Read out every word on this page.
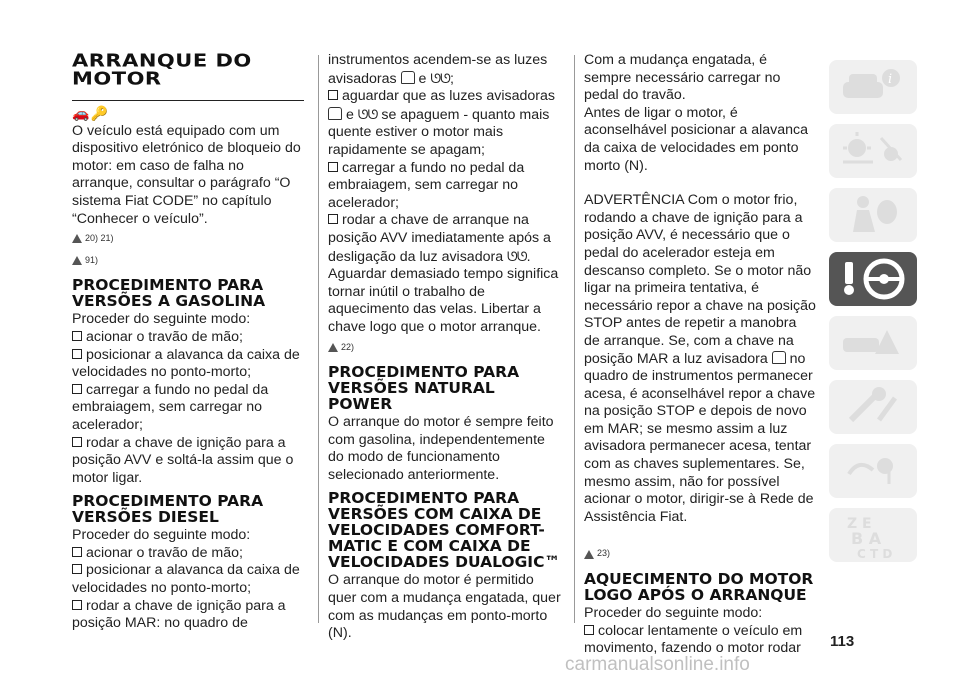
ARRANQUE DO MOTOR
🚗🔑

O veículo está equipado com um dispositivo eletrónico de bloqueio do motor: em caso de falha no arranque, consultar o parágrafo “O sistema Fiat CODE” no capítulo “Conhecer o veículo”.

20) 21)

91)
PROCEDIMENTO PARA VERSÕES A GASOLINA

Proceder do seguinte modo:

acionar o travão de mão;
posicionar a alavanca da caixa de velocidades no ponto-morto;
carregar a fundo no pedal da embraiagem, sem carregar no acelerador;
rodar a chave de ignição para a posição AVV e soltá-la assim que o motor ligar.
PROCEDIMENTO PARA VERSÕES DIESEL

Proceder do seguinte modo:

acionar o travão de mão;
posicionar a alavanca da caixa de velocidades no ponto-morto;
rodar a chave de ignição para a posição MAR: no quadro de

instrumentos acendem-se as luzes avisadoras e ᘎᘎ;

aguardar que as luzes avisadoras
e ᘎᘎ se apaguem - quanto mais quente estiver o motor mais rapidamente se apagam;
carregar a fundo no pedal da embraiagem, sem carregar no acelerador;
rodar a chave de arranque na posição AVV imediatamente após a desligação da luz avisadora ᘎᘎ.

Aguardar demasiado tempo significa tornar inútil o trabalho de aquecimento das velas. Libertar a chave logo que o motor arranque.

22)
PROCEDIMENTO PARA VERSÕES NATURAL POWER

O arranque do motor é sempre feito com gasolina, independentemente do modo de funcionamento selecionado anteriormente.

PROCEDIMENTO PARA VERSÕES COM CAIXA DE VELOCIDADES COMFORT-MATIC E COM CAIXA DE VELOCIDADES DUALOGIC™

O arranque do motor é permitido quer com a mudança engatada, quer com as mudanças em ponto-morto (N).

Com a mudança engatada, é sempre necessário carregar no pedal do travão.

Antes de ligar o motor, é aconselhável posicionar a alavanca da caixa de velocidades em ponto morto (N).

ADVERTÊNCIA Com o motor frio, rodando a chave de ignição para a posição AVV, é necessário que o pedal do acelerador esteja em descanso completo. Se o motor não ligar na primeira tentativa, é necessário repor a chave na posição STOP antes de repetir a manobra de arranque. Se, com a chave na posição MAR a luz avisadora no quadro de instrumentos permanecer acesa, é aconselhável repor a chave na posição STOP e depois de novo em MAR; se mesmo assim a luz avisadora permanecer acesa, tentar com as chaves suplementares. Se, mesmo assim, não for possível acionar o motor, dirigir-se à Rede de Assistência Fiat.

23)
AQUECIMENTO DO MOTOR LOGO APÓS O ARRANQUE

Proceder do seguinte modo:

colocar lentamente o veículo em movimento, fazendo o motor rodar
i
Z E
B A
C T D
113
carmanualsonline.info
